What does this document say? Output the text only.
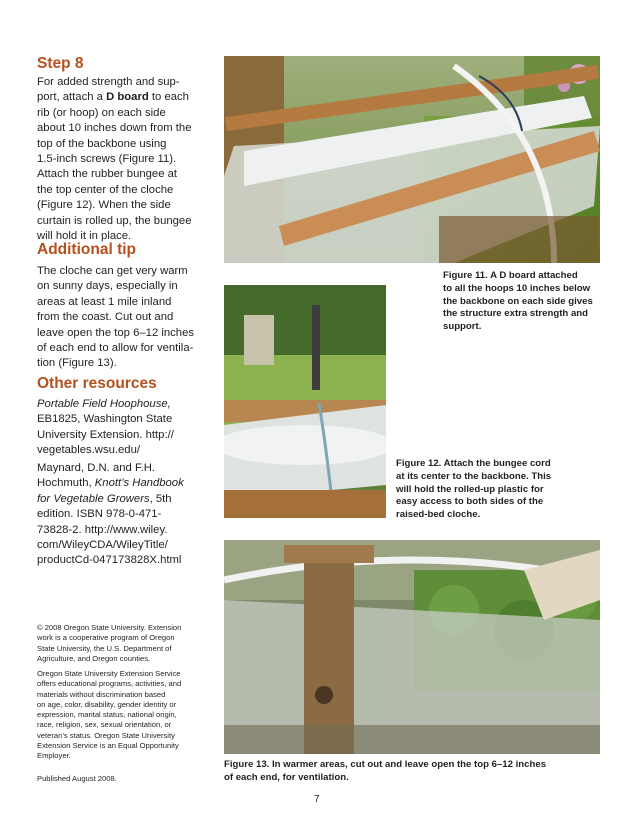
Step 8

For added strength and sup-

port, attach a D board to each

rib (or hoop) on each side

about 10 inches down from the

top of the backbone using

1.5-inch screws (Figure 11).

Attach the rubber bungee at

the top center of the cloche

(Figure 12). When the side

curtain is rolled up, the bungee

will hold it in place.

Additional tip

The cloche can get very warm

on sunny days, especially in

areas at least 1 mile inland

from the coast. Cut out and

leave open the top 6–12 inches

of each end to allow for ventila-

tion (Figure 13).

Other resources

Portable Field Hoophouse,

EB1825, Washington State

University Extension. http://

vegetables.wsu.edu/

Maynard, D.N. and F.H.

Hochmuth, Knott’s Handbook

for Vegetable Growers, 5th

edition. ISBN 978-0-471-

73828-2. http://www.wiley.

com/WileyCDA/WileyTitle/

productCd-047173828X.html

© 2008 Oregon State University. Extension

work is a cooperative program of Oregon

State University, the U.S. Department of

Agriculture, and Oregon counties.

Oregon State University Extension Service

offers educational programs, activities, and

materials without discrimination based

on age, color, disability, gender identity or

expression, marital status, national origin,

race, religion, sex, sexual orientation, or

veteran’s status. Oregon State University

Extension Service is an Equal Opportunity

Employer.

Published August 2008.

Figure 11. A D board attached

to all the hoops 10 inches below

the backbone on each side gives

the structure extra strength and

support.

Figure 12. Attach the bungee cord

at its center to the backbone. This

will hold the rolled-up plastic for

easy access to both sides of the

raised-bed cloche.

Figure 13. In warmer areas, cut out and leave open the top 6–12 inches

of each end, for ventilation.

7
